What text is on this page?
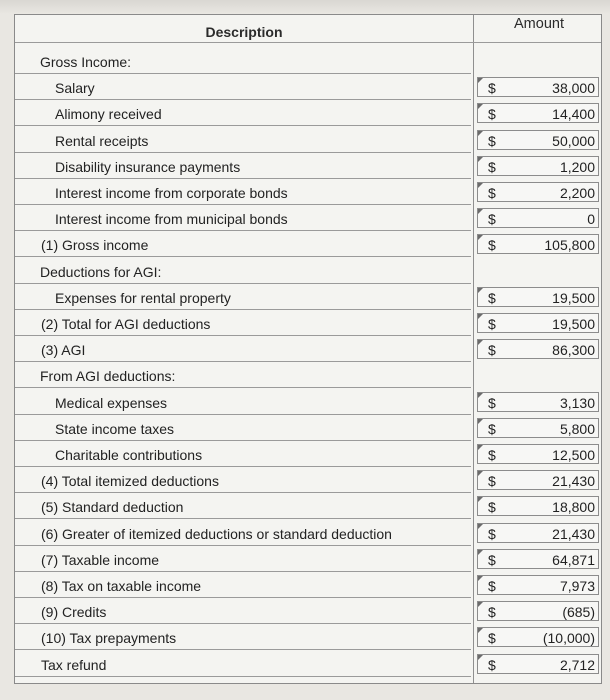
Description	Amount
Gross Income:
Salary	$	38,000
Alimony received	$	14,400
Rental receipts	$	50,000
Disability insurance payments	$	1,200
Interest income from corporate bonds	$	2,200
Interest income from municipal bonds	$	0
(1) Gross income	$	105,800
Deductions for AGI:
Expenses for rental property	$	19,500
(2) Total for AGI deductions	$	19,500
(3) AGI	$	86,300
From AGI deductions:
Medical expenses	$	3,130
State income taxes	$	5,800
Charitable contributions	$	12,500
(4) Total itemized deductions	$	21,430
(5) Standard deduction	$	18,800
(6) Greater of itemized deductions or standard deduction	$	21,430
(7) Taxable income	$	64,871
(8) Tax on taxable income	$	7,973
(9) Credits	$	(685)
(10) Tax prepayments	$	(10,000)
Tax refund	$	2,712
